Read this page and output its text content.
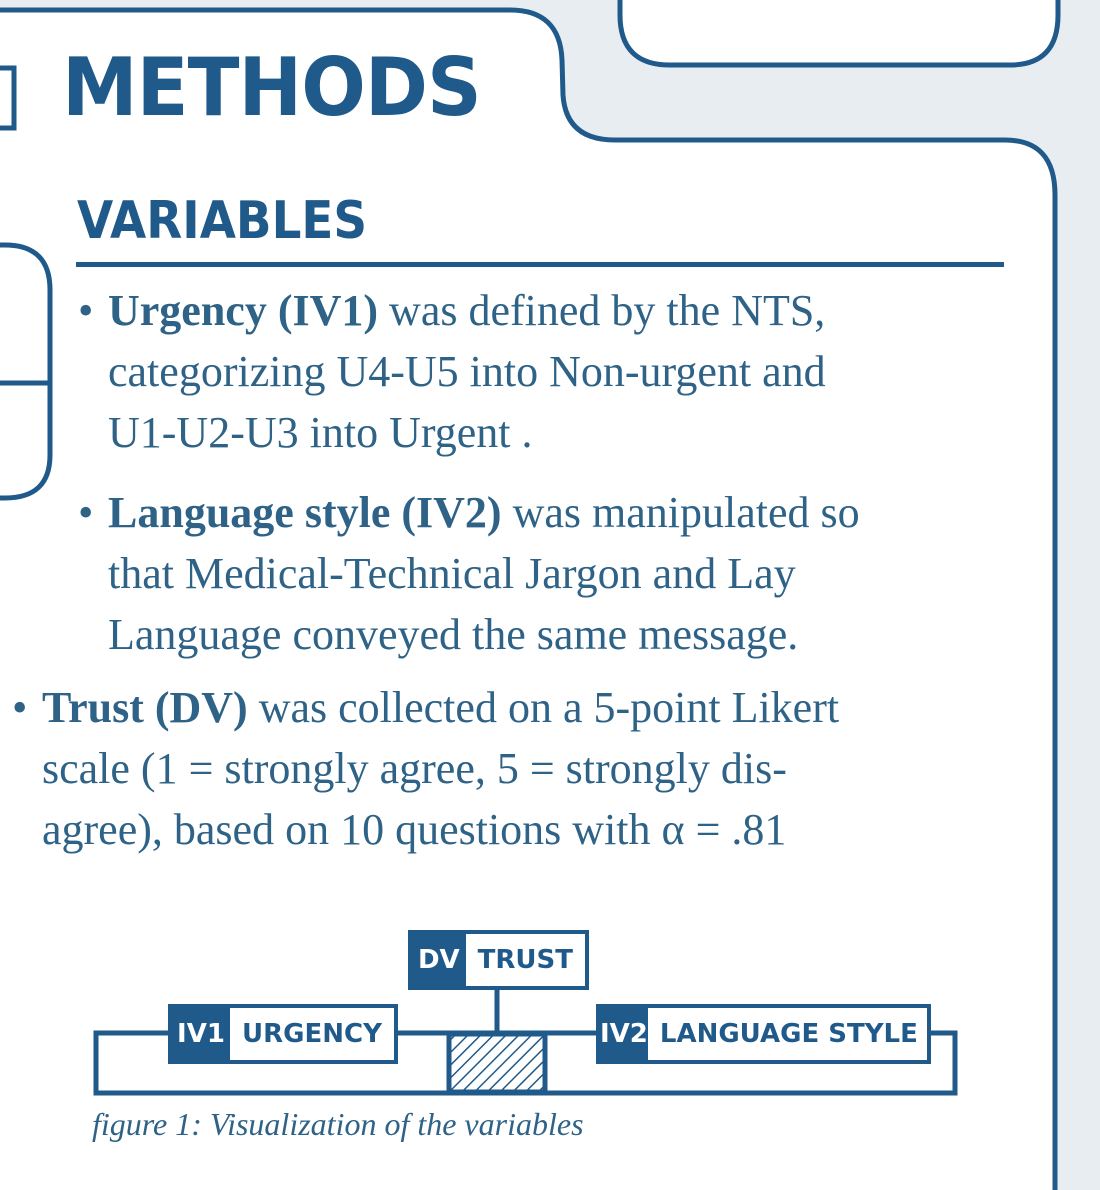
METHODS
VARIABLES
• Urgency (IV1) was defined by the NTS,
categorizing U4-U5 into Non-urgent and
U1-U2-U3 into Urgent .
• Language style (IV2) was manipulated so
that Medical-Technical Jargon and Lay
Language conveyed the same message.
• Trust (DV) was collected on a 5-point Likert
scale (1 = strongly agree, 5 = strongly dis-
agree), based on 10 questions with α = .81
DV TRUST
IV1 URGENCY	IV2 LANGUAGE STYLE
figure 1: Visualization of the variables
